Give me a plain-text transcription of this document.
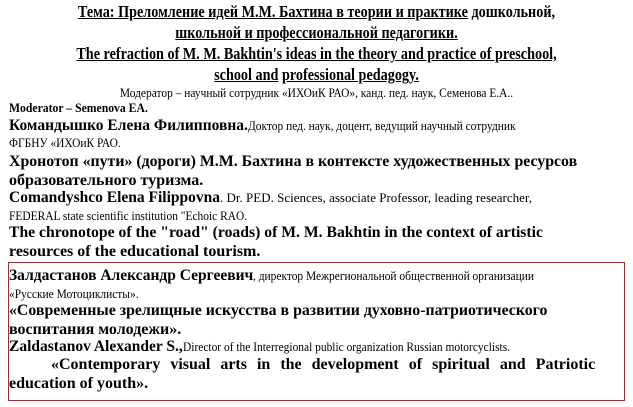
Тема: Преломление идей М.М. Бахтина в теории и практике дошкольной,
школьной и профессиональной педагогики.
The refraction of M. M. Bakhtin's ideas in the theory and practice of preschool,
school and professional pedagogy.
Модератор – научный сотрудник «ИХОиК РАО», канд. пед. наук, Семенова Е.А..
Moderator – Semenova EA.
Командышко Елена Филипповна.Доктор пед. наук, доцент, ведущий научный сотрудник
ФГБНУ «ИХОиК РАО.
Хронотоп «пути» (дороги) М.М. Бахтина в контексте художественных ресурсов
образовательного туризма.
Comandyshco Elena Filippovna. Dr. PED. Sciences, associate Professor, leading researcher,
FEDERAL state scientific institution "Echoic RAO.
The chronotope of the "road" (roads) of M. M. Bakhtin in the context of artistic
resources of the educational tourism.
Залдастанов Александр Сергеевич, директор Межрегиональной общественной организации
«Русские Мотоциклисты».
«Современные зрелищные искусства в развитии духовно-патриотического
воспитания молодежи».
Zaldastanov Alexander S.,Director of the Interregional public organization Russian motorcyclists.
«Contemporary visual arts in the development of spiritual and Patriotic
education of youth».
